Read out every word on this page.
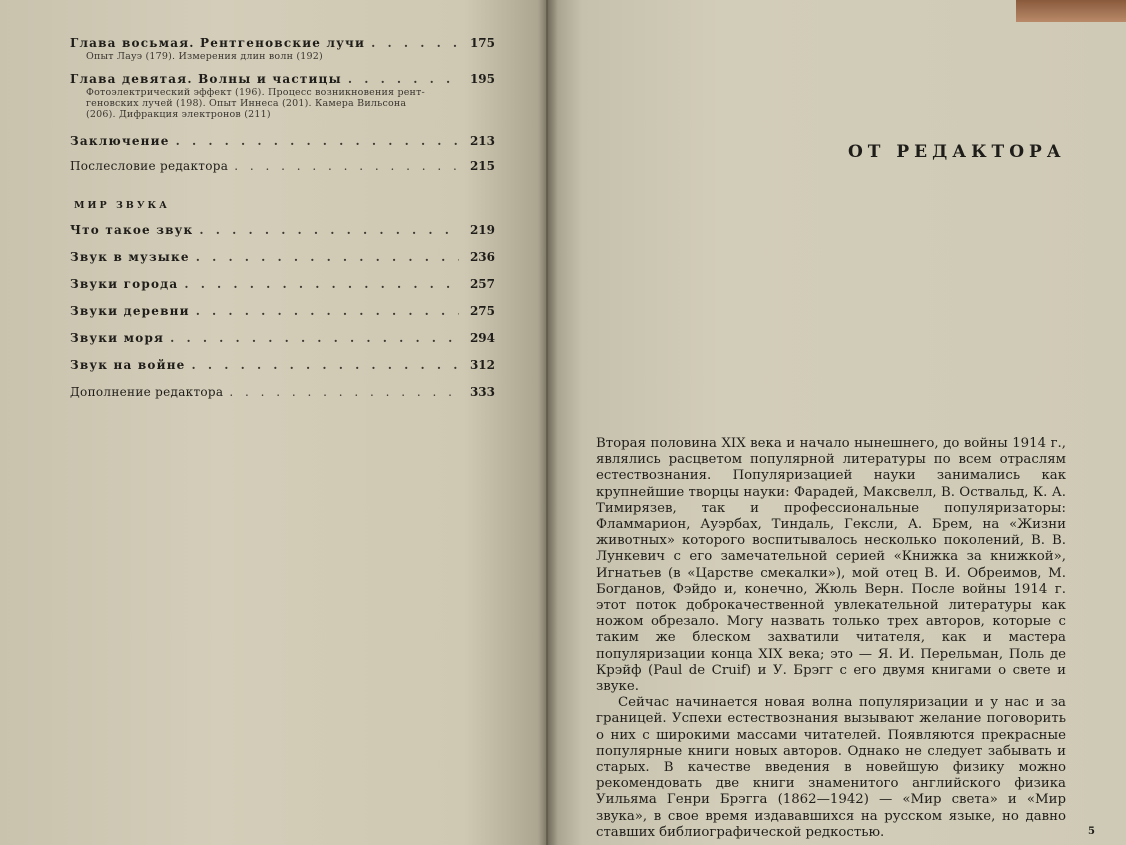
Глава восьмая. Рентгеновские лучи . . .	175
Опыт Лауэ (179). Измерения длин волн (192)
Глава девятая. Волны и частицы . . .	195
Фотоэлектрический эффект (196). Процесс возникновения рент-
геновских лучей (198). Опыт Иннеса (201). Камера Вильсона
(206). Дифракция электронов (211)
Заключение . . .	213
Послесловие редактора . . .	215
МИР ЗВУКА
Что такое звук . . .	219
Звук в музыке . . .	236
Звуки города . . .	257
Звуки деревни . . .	275
Звуки моря . . .	294
Звук на войне . . .	312
Дополнение редактора . . .	333
ОТ РЕДАКТОРА

Вторая половина XIX века и начало нынешнего, до войны 1914 г., являлись расцветом популярной литературы по всем отраслям естествознания. Популяризацией науки занимались как крупнейшие творцы науки: Фарадей, Максвелл, В. Оствальд, К. А. Тимирязев, так и профессиональные популяризаторы: Фламмарион, Ауэрбах, Тиндаль, Гексли, А. Брем, на «Жизни животных» которого воспитывалось несколько поколений, В. В. Лункевич с его замечательной серией «Книжка за книжкой», Игнатьев (в «Царстве смекалки»), мой отец В. И. Обреимов, М. Богданов, Фэйдо и, конечно, Жюль Верн. После войны 1914 г. этот поток доброкачественной увлекательной литературы как ножом обрезало. Могу назвать только трех авторов, которые с таким же блеском захватили читателя, как и мастера популяризации конца XIX века; это — Я. И. Перельман, Поль де Крэйф (Paul de Cruif) и У. Брэгг с его двумя книгами о свете и звуке.

Сейчас начинается новая волна популяризации и у нас и за границей. Успехи естествознания вызывают желание поговорить о них с широкими массами читателей. Появляются прекрасные популярные книги новых авторов. Однако не следует забывать и старых. В качестве введения в новейшую физику можно рекомендовать две книги знаменитого английского физика Уильяма Генри Брэгга (1862—1942) — «Мир света» и «Мир звука», в свое время издававшихся на русском языке, но давно ставших библиографической редкостью.	5
